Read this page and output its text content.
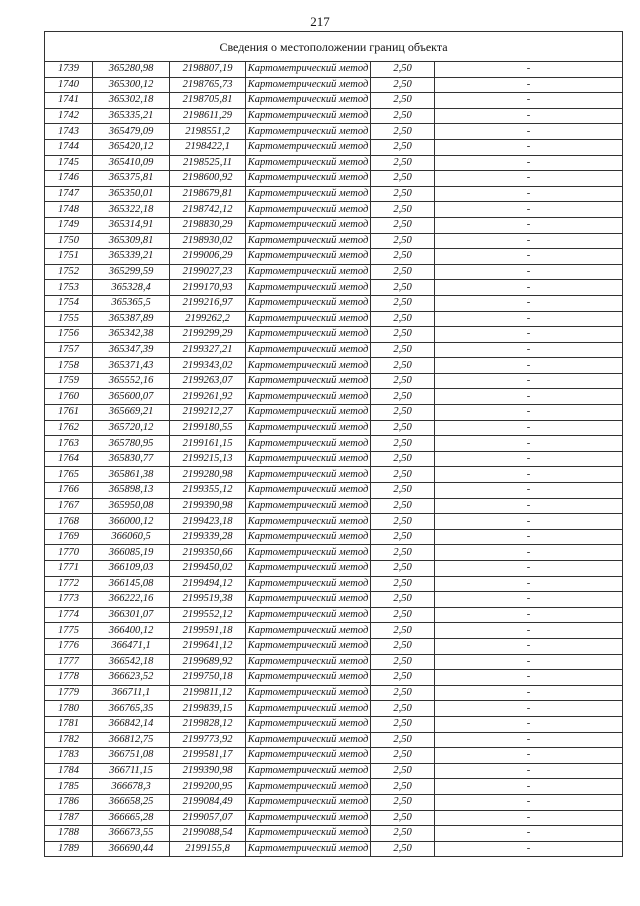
217
Сведения о местоположении границ объекта					
1739	365280,98	2198807,19	Картометрический метод	2,50	-
1740	365300,12	2198765,73	Картометрический метод	2,50	-
1741	365302,18	2198705,81	Картометрический метод	2,50	-
1742	365335,21	2198611,29	Картометрический метод	2,50	-
1743	365479,09	2198551,2	Картометрический метод	2,50	-
1744	365420,12	2198422,1	Картометрический метод	2,50	-
1745	365410,09	2198525,11	Картометрический метод	2,50	-
1746	365375,81	2198600,92	Картометрический метод	2,50	-
1747	365350,01	2198679,81	Картометрический метод	2,50	-
1748	365322,18	2198742,12	Картометрический метод	2,50	-
1749	365314,91	2198830,29	Картометрический метод	2,50	-
1750	365309,81	2198930,02	Картометрический метод	2,50	-
1751	365339,21	2199006,29	Картометрический метод	2,50	-
1752	365299,59	2199027,23	Картометрический метод	2,50	-
1753	365328,4	2199170,93	Картометрический метод	2,50	-
1754	365365,5	2199216,97	Картометрический метод	2,50	-
1755	365387,89	2199262,2	Картометрический метод	2,50	-
1756	365342,38	2199299,29	Картометрический метод	2,50	-
1757	365347,39	2199327,21	Картометрический метод	2,50	-
1758	365371,43	2199343,02	Картометрический метод	2,50	-
1759	365552,16	2199263,07	Картометрический метод	2,50	-
1760	365600,07	2199261,92	Картометрический метод	2,50	-
1761	365669,21	2199212,27	Картометрический метод	2,50	-
1762	365720,12	2199180,55	Картометрический метод	2,50	-
1763	365780,95	2199161,15	Картометрический метод	2,50	-
1764	365830,77	2199215,13	Картометрический метод	2,50	-
1765	365861,38	2199280,98	Картометрический метод	2,50	-
1766	365898,13	2199355,12	Картометрический метод	2,50	-
1767	365950,08	2199390,98	Картометрический метод	2,50	-
1768	366000,12	2199423,18	Картометрический метод	2,50	-
1769	366060,5	2199339,28	Картометрический метод	2,50	-
1770	366085,19	2199350,66	Картометрический метод	2,50	-
1771	366109,03	2199450,02	Картометрический метод	2,50	-
1772	366145,08	2199494,12	Картометрический метод	2,50	-
1773	366222,16	2199519,38	Картометрический метод	2,50	-
1774	366301,07	2199552,12	Картометрический метод	2,50	-
1775	366400,12	2199591,18	Картометрический метод	2,50	-
1776	366471,1	2199641,12	Картометрический метод	2,50	-
1777	366542,18	2199689,92	Картометрический метод	2,50	-
1778	366623,52	2199750,18	Картометрический метод	2,50	-
1779	366711,1	2199811,12	Картометрический метод	2,50	-
1780	366765,35	2199839,15	Картометрический метод	2,50	-
1781	366842,14	2199828,12	Картометрический метод	2,50	-
1782	366812,75	2199773,92	Картометрический метод	2,50	-
1783	366751,08	2199581,17	Картометрический метод	2,50	-
1784	366711,15	2199390,98	Картометрический метод	2,50	-
1785	366678,3	2199200,95	Картометрический метод	2,50	-
1786	366658,25	2199084,49	Картометрический метод	2,50	-
1787	366665,28	2199057,07	Картометрический метод	2,50	-
1788	366673,55	2199088,54	Картометрический метод	2,50	-
1789	366690,44	2199155,8	Картометрический метод	2,50	-
